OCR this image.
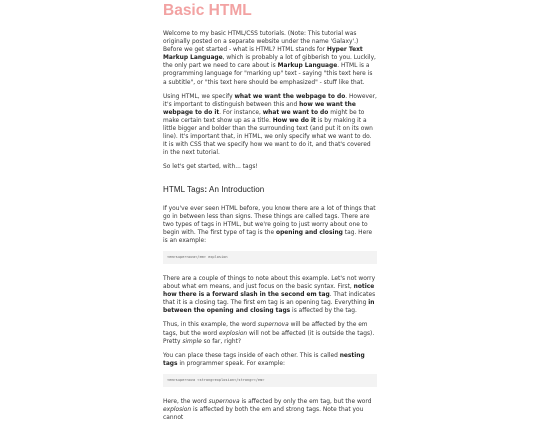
Basic HTML

Welcome to my basic HTML/CSS tutorials. (Note: This tutorial was originally posted on a separate website under the name 'Galaxy'.) Before we get started - what is HTML? HTML stands for Hyper Text Markup Language, which is probably a lot of gibberish to you. Luckily, the only part we need to care about is Markup Language. HTML is a programming language for "marking up" text - saying "this text here is a subtitle", or "this text here should be emphasized" - stuff like that.

Using HTML, we specify what we want the webpage to do. However, it's important to distinguish between this and how we want the webpage to do it. For instance, what we want to do might be to make certain text show up as a title. How we do it is by making it a little bigger and bolder than the surrounding text (and put it on its own line). It's important that, in HTML, we only specify what we want to do. It is with CSS that we specify how we want to do it, and that's covered in the next tutorial.

So let's get started, with... tags!

HTML Tags: An Introduction

If you've ever seen HTML before, you know there are a lot of things that go in between less than signs. These things are called tags. There are two types of tags in HTML, but we're going to just worry about one to begin with. The first type of tag is the opening and closing tag. Here is an example:

<em>supernova</em> explosion

There are a couple of things to note about this example. Let's not worry about what em means, and just focus on the basic syntax. First, notice how there is a forward slash in the second em tag. That indicates that it is a closing tag. The first em tag is an opening tag. Everything in between the opening and closing tags is affected by the tag.

Thus, in this example, the word supernova will be affected by the em tags, but the word explosion will not be affected (it is outside the tags). Pretty simple so far, right?

You can place these tags inside of each other. This is called nesting tags in programmer speak. For example:

<em>supernova <strong>explosion</strong></em>

Here, the word supernova is affected by only the em tag, but the word explosion is affected by both the em and strong tags. Note that you cannot
